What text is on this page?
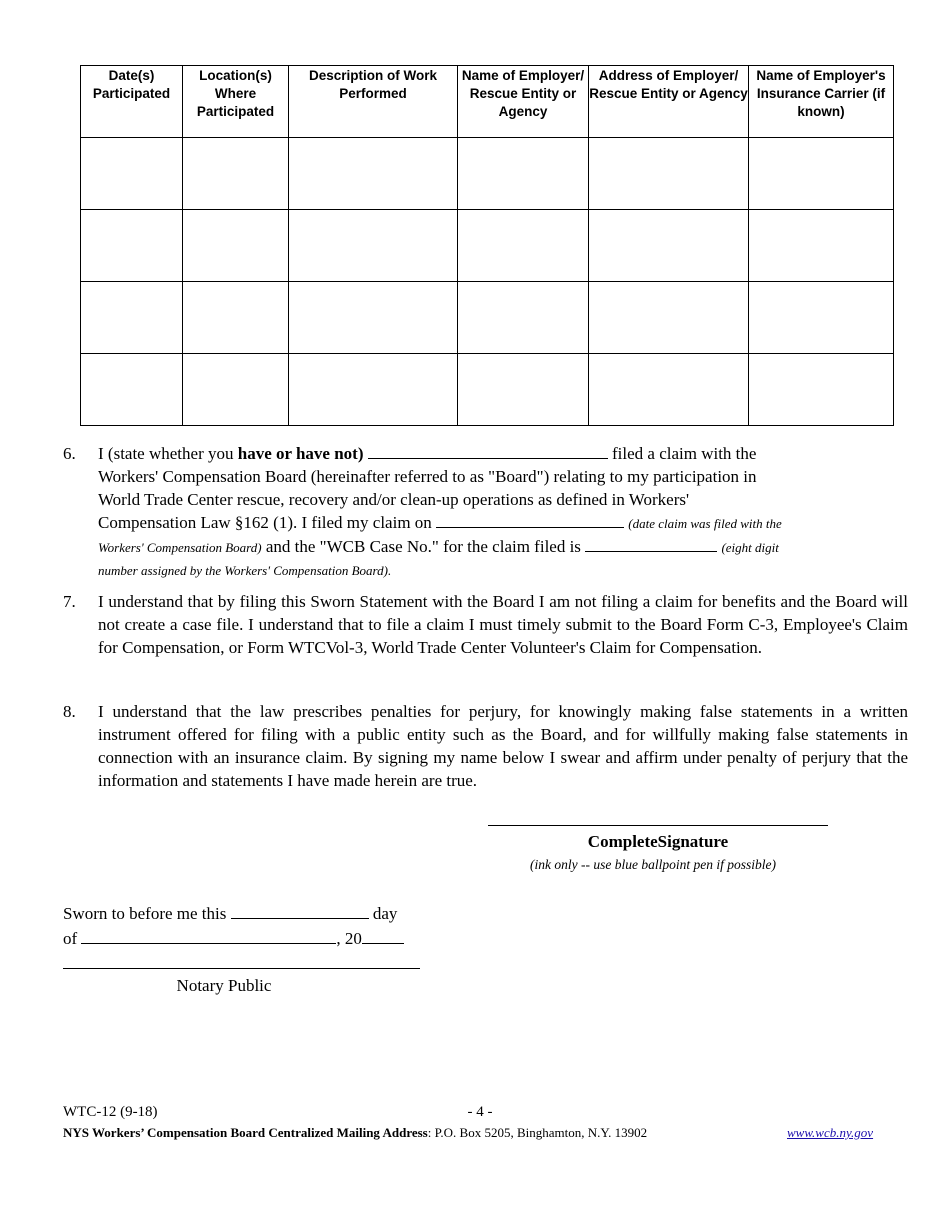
Date(s) Participated	Location(s) Where Participated	Description of Work Performed	Name of Employer/ Rescue Entity or Agency	Address of Employer/ Rescue Entity or Agency	Name of Employer's Insurance Carrier (if known)

6. I (state whether you have or have not)	filed a claim with the
Workers' Compensation Board (hereinafter referred to as "Board") relating to my participation in
World Trade Center rescue, recovery and/or clean-up operations as defined in Workers'
Compensation Law §162 (1). I filed my claim on	(date claim was filed with the
Workers' Compensation Board) and the "WCB Case No." for the claim filed is	(eight digit
number assigned by the Workers' Compensation Board).
7. I understand that by filing this Sworn Statement with the Board I am not filing a claim for benefits and the Board will not create a case file. I understand that to file a claim I must timely submit to the Board Form C-3, Employee's Claim for Compensation, or Form WTCVol-3, World Trade Center Volunteer's Claim for Compensation.
8. I understand that the law prescribes penalties for perjury, for knowingly making false statements in a written instrument offered for filing with a public entity such as the Board, and for willfully making false statements in connection with an insurance claim. By signing my name below I swear and affirm under penalty of perjury that the information and statements I have made herein are true.
CompleteSignature
(ink only -- use blue ballpoint pen if possible)
Sworn to before me this	day
of	, 20
Notary Public
WTC-12 (9-18)	- 4 -
NYS Workers’ Compensation Board Centralized Mailing Address: P.O. Box 5205, Binghamton, N.Y. 13902	www.wcb.ny.gov
